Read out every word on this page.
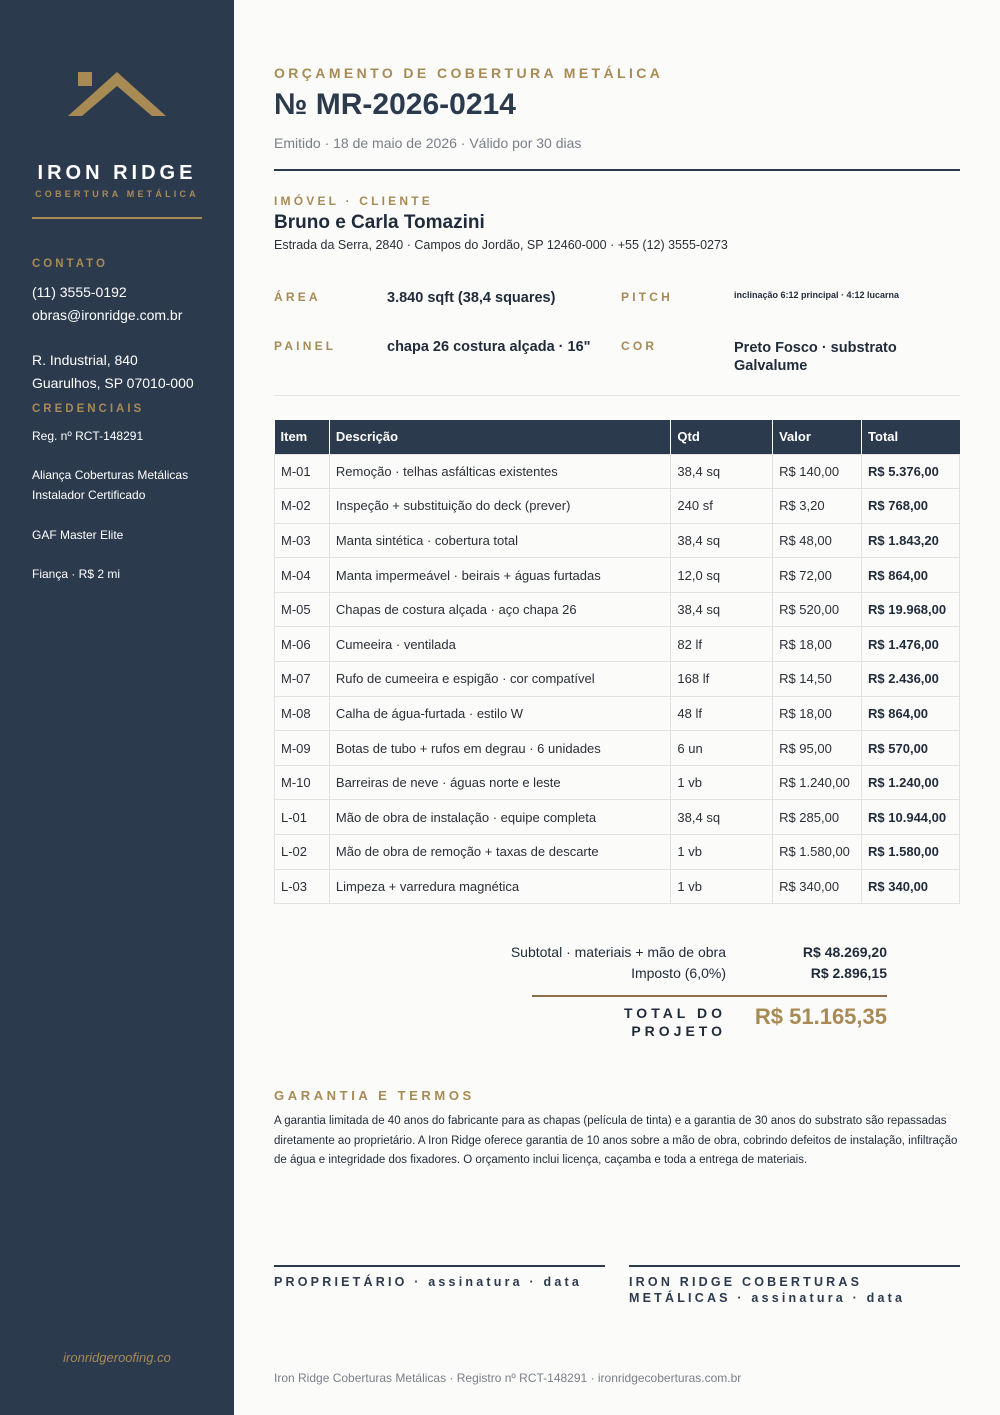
IRON RIDGE
COBERTURA METÁLICA
CONTATO
(11) 3555-0192
obras@ironridge.com.br
R. Industrial, 840
Guarulhos, SP 07010-000
CREDENCIAIS
Reg. nº RCT-148291
Aliança Coberturas Metálicas
Instalador Certificado
GAF Master Elite
Fiança · R$ 2 mi
ironridgeroofing.co
ORÇAMENTO DE COBERTURA METÁLICA
№ MR-2026-0214
Emitido · 18 de maio de 2026 · Válido por 30 dias
IMÓVEL · CLIENTE
Bruno e Carla Tomazini
Estrada da Serra, 2840 · Campos do Jordão, SP 12460-000 · +55 (12) 3555-0273
ÁREA	3.840 sqft (38,4 squares)	PITCH	inclinação 6:12 principal · 4:12 lucarna
PAINEL	chapa 26 costura alçada · 16"	COR	Preto Fosco · substrato Galvalume
Item	Descrição	Qtd	Valor	Total
M-01	Remoção · telhas asfálticas existentes	38,4 sq	R$ 140,00	R$ 5.376,00
M-02	Inspeção + substituição do deck (prever)	240 sf	R$ 3,20	R$ 768,00
M-03	Manta sintética · cobertura total	38,4 sq	R$ 48,00	R$ 1.843,20
M-04	Manta impermeável · beirais + águas furtadas	12,0 sq	R$ 72,00	R$ 864,00
M-05	Chapas de costura alçada · aço chapa 26	38,4 sq	R$ 520,00	R$ 19.968,00
M-06	Cumeeira · ventilada	82 lf	R$ 18,00	R$ 1.476,00
M-07	Rufo de cumeeira e espigão · cor compatível	168 lf	R$ 14,50	R$ 2.436,00
M-08	Calha de água-furtada · estilo W	48 lf	R$ 18,00	R$ 864,00
M-09	Botas de tubo + rufos em degrau · 6 unidades	6 un	R$ 95,00	R$ 570,00
M-10	Barreiras de neve · águas norte e leste	1 vb	R$ 1.240,00	R$ 1.240,00
L-01	Mão de obra de instalação · equipe completa	38,4 sq	R$ 285,00	R$ 10.944,00
L-02	Mão de obra de remoção + taxas de descarte	1 vb	R$ 1.580,00	R$ 1.580,00
L-03	Limpeza + varredura magnética	1 vb	R$ 340,00	R$ 340,00
Subtotal · materiais + mão de obra	R$ 48.269,20
Imposto (6,0%)	R$ 2.896,15
TOTAL DO PROJETO
R$ 51.165,35
GARANTIA E TERMOS
A garantia limitada de 40 anos do fabricante para as chapas (película de tinta) e a garantia de 30 anos do substrato são repassadas diretamente ao proprietário. A Iron Ridge oferece garantia de 10 anos sobre a mão de obra, cobrindo defeitos de instalação, infiltração de água e integridade dos fixadores. O orçamento inclui licença, caçamba e toda a entrega de materiais.
PROPRIETÁRIO · assinatura · data	IRON RIDGE COBERTURAS METÁLICAS · assinatura · data
Iron Ridge Coberturas Metálicas · Registro nº RCT-148291 · ironridgecoberturas.com.br
